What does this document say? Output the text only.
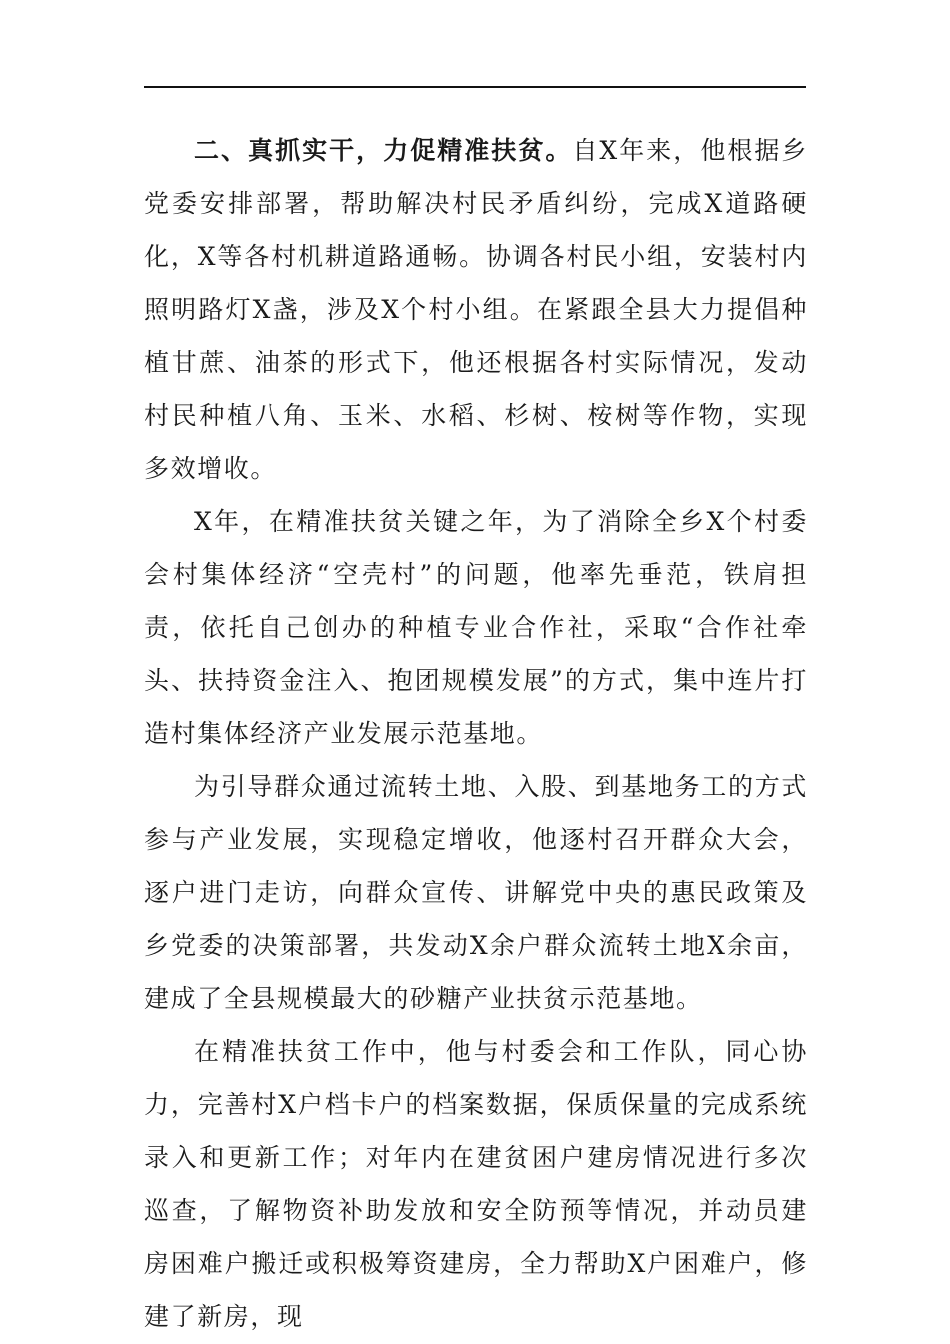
二、真抓实干，力促精准扶贫。自X年来，他根据乡党委安排部署，帮助解决村民矛盾纠纷，完成X道路硬化，X等各村机耕道路通畅。协调各村民小组，安装村内照明路灯X盏，涉及X个村小组。在紧跟全县大力提倡种植甘蔗、油茶的形式下，他还根据各村实际情况，发动村民种植八角、玉米、水稻、杉树、桉树等作物，实现多效增收。

X年，在精准扶贫关键之年，为了消除全乡X个村委会村集体经济“空壳村”的问题，他率先垂范，铁肩担责，依托自己创办的种植专业合作社，采取“合作社牵头、扶持资金注入、抱团规模发展”的方式，集中连片打造村集体经济产业发展示范基地。

为引导群众通过流转土地、入股、到基地务工的方式参与产业发展，实现稳定增收，他逐村召开群众大会，逐户进门走访，向群众宣传、讲解党中央的惠民政策及乡党委的决策部署，共发动X余户群众流转土地X余亩，建成了全县规模最大的砂糖产业扶贫示范基地。

在精准扶贫工作中，他与村委会和工作队，同心协力，完善村X户档卡户的档案数据，保质保量的完成系统录入和更新工作；对年内在建贫困户建房情况进行多次巡查，了解物资补助发放和安全防预等情况，并动员建房困难户搬迁或积极筹资建房，全力帮助X户困难户，修建了新房，现
